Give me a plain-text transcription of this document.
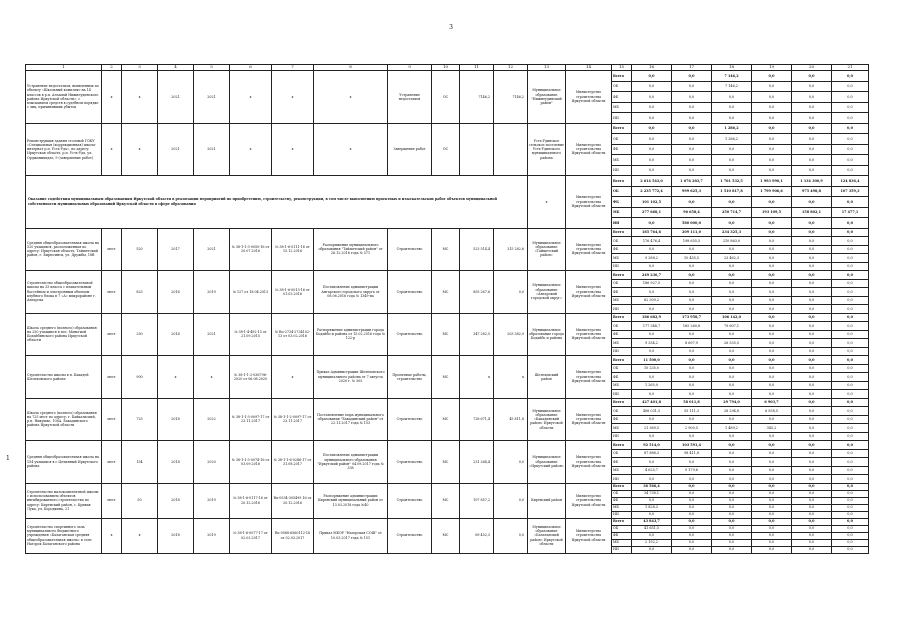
3
1
1	2	3	4	5	6	7	8	9	10	11	12	13	14	15	16	17	18	19	20	21
Устранение недостатков, выявленных по объекту «Школьный комплекс на 14 классов в р.п. Алзамай Нижнеудинского района Иркутской области», с взысканием средств в судебном порядке с лиц, причинивших убыток	х	х	2021	2021	х	х	х	Устранение недостатков	ОС	7146,2	7146,2	Муниципальное образование "Нижнеудинский район"	Министерство строительства Иркутской области	Всего	0,0	0,0	7 146,2	0,0	0,0	0,0
														ОБ	0,0	0,0	7 146,2	0,0	0,0	0,0
														ФБ	0,0	0,0	0,0	0,0	0,0	0,0
														МБ	0,0	0,0	0,0	0,0	0,0	0,0
														ИИ	0,0	0,0	0,0	0,0	0,0	0,0
Реконструкция здания столовой ГОКУ «Специальная (коррекционная) школа-интернат р.п. Усть-Уда», по адресу: Иркутская область, р.п. Усть-Уда, ул. Орджоникидзе, 9 (завершение работ)	х	х	2021	2021	х	х	х	Завершение работ	ОС			Усть-Удинское сельское поселение Усть-Удинского муниципального района	Министерство строительства Иркутской области	Всего	0,0	0,0	1 286,2	0,0	0,0	0,0
														ОБ	0,0	0,0	1 286,2	0,0	0,0	0,0
														ФБ	0,0	0,0	0,0	0,0	0,0	0,0
														МБ	0,0	0,0	0,0	0,0	0,0	0,0
														ИИ	0,0	0,0	0,0	0,0	0,0	0,0
Оказание содействия муниципальным образованиям Иркутской области в реализации мероприятий по приобретению, строительству, реконструкции, в том числе выполнению проектных и изыскательских работ объектов муниципальной собственности муниципальных образований Иркутской области в сфере образования												х	Министерство строительства Иркутской области	Всего	2 614 543,0	1 676 283,7	1 761 532,5	1 993 990,1	1 134 300,9	124 836,4
														ОБ	2 235 772,4	999 625,3	1 510 817,8	1 799 906,6	975 498,8	107 359,3
														ФБ	101 102,5	0,0	0,0	0,0	0,0	0,0
														МБ	277 668,1	96 658,4	250 714,7	193 109,5	158 802,1	17 477,1
														ИИ	0,0	580 000,0	0,0	0,0	0,0	0,0
Средняя общеобразовательная школа на 520 учащихся, расположенная по адресу: Иркутская область, Тайшетский район, г. Бирюсинск, ул. Дружбы, 18В	мест	520	2017	2021	№ 38-1-1-3-0050-16 от 20.07.2016	№ 38-1-6-0111-16 от 15.12.2016	Распоряжение муниципального образования "Тайшетский район" от 26.12.2016 года № 571	Строительство	МС	523 514,4	315 282,6	Муниципальное образование «Тайшетский район»	Министерство строительства Иркутской области	Всего	185 764,6	209 111,0	234 325,3	0,0	0,0	0,0
														ОБ	176 476,4	198 655,5	210 863,0	0,0	0,0	0,0
														ФБ	0,0	0,0	0,0	0,0	0,0	0,0
														МБ	9 288,2	10 455,5	23 462,3	0,0	0,0	0,0
														ИИ	0,0	0,0	0,0	0,0	0,0	0,0
Строительство общеобразовательной школы на 33 класса с плавательным бассейном и эластронным объемом клубного блока в 7 «А» микрорайоне г. Ангарска	мест	825	2016	2019	№ 127 от 18.04.2013	№ 38-1-6-0013-16 от 01.03.2016	Постановление администрации Ангарского городского округа от 08.06.2016 года № 1349-па	Строительство	МС	855 267,6	0,0	Муниципальное образование «Ангарский городской округ»	Министерство строительства Иркутской области	Всего	249 236,7	0,0	0,0	0,0	0,0	0,0
														ОБ	186 927,5	0,0	0,0	0,0	0,0	0,0
														ФБ	0,0	0,0	0,0	0,0	0,0	0,0
														МБ	62 309,2	0,0	0,0	0,0	0,0	0,0
														ИИ	0,0	0,0	0,0	0,0	0,0	0,0
Школа среднего (полного) образования на 250 учащихся в пос. Маньгиой Бодайбинского района Иркутской области	мест	250	2016	2021	№ 38-1-4-492-15 от 21.09.2015	№ Ru-2734-2734102-13 от 03.02.2016	Распоряжение администрации города Бодайбо и района от 15.02.2016 года № 122-р	Строительство	МС	347 282,5	203 382,9	Муниципальное образование города Бодайбо и района	Министерство строительства Иркутской области	Всего	186 682,9	173 958,7	106 142,0	0,0	0,0	0,0
														ОБ	177 348,7	165 260,8	79 607,1	0,0	0,0	0,0
														ФБ	0,0	0,0	0,0	0,0	0,0	0,0
														МБ	9 334,2	8 697,9	26 535,5	0,0	0,0	0,0
														ИИ	0,0	0,0	0,0	0,0	0,0	0,0
Строительство школы в п. Бакадей Шелеховского района	мест	900	х	х	№ 38-1-1-2-036796-2020 от 06.08.2020	х	Приказ Администрации Шелеховского муниципального района от 7 августа 2020 г. № 305	Проектные работы, строительство	МС	х	х	Шелеховский район	Министерство строительства Иркутской области	Всего	11 500,0	0,0	0,0	0,0	0,0	0,0
														ОБ	10 235,0	0,0	0,0	0,0	0,0	0,0
														ФБ	0,0	0,0	0,0	0,0	0,0	0,0
														МБ	1 265,0	0,0	0,0	0,0	0,0	0,0
														ИИ	0,0	0,0	0,0	0,0	0,0	0,0
Школа среднего (полного) образования на 725 мест по адресу: г. Байкальский, р.п. Никушье, 108А, Бакадинского района Иркутской области	мест	725	2018	2022	№ 38-1-1-3-0097-17 от 23.11.2017	№ 38-1-1-2-0097-17 от 23.11.2017	Постановление мэра муниципального образования "Бакадинский район" от 22.11.2017 года № 153	Строительство	МС	728 671,4	45 811,8	Муниципальное образование «Бакадинский район» Иркутской области	Министерство строительства Иркутской области	Всего	427 401,8	58 011,8	29 794,0	6 903,7	0,0	0,0
														ОБ	406 031,5	55 111,3	28 294,8	6 558,5	0,0	0,0
														ФБ	0,0	0,0	0,0	0,0	0,0	0,0
														МБ	21 369,5	2 900,5	1 489,2	345,2	0,0	0,0
														ИИ	0,0	0,0	0,0	0,0	0,0	0,0
Средняя общеобразовательная школа на 154 учащихся в с.Целинный Иркутского района	мест	154	2018	2020	№ 38-1-1-3-0074-16 от 03.09.2016	№ 38-1-1-6-0286-17 от 31.08.2017	Постановление администрации муниципального образования "Иркутский район" 04.09.2017 года № 338	Строительство	МС	231 264,4	0,0	Муниципальное образование «Иркутский район»	Министерство строительства Иркутской области	Всего	92 514,0	103 591,4	0,0	0,0	0,0	0,0
														ОБ	87 888,3	98 411,8	0,0	0,0	0,0	0,0
														ФБ	0,0	0,0	0,0	0,0	0,0	0,0
														МБ	4 625,7	5 179,6	0,0	0,0	0,0	0,0
														ИИ	0,0	0,0	0,0	0,0	0,0	0,0
Строительство малокомплектной школы с использованием объектов ингибированного строительства по адресу: Киренский район, с. Кривая Лука, ул. Бородкина, 21	мест	50	2018	2019	№ 38-1-6-0117-16 от 20.12.2016	Ru-0534-305499 16 от 20.12.2016	Распоряжение администрации Киренский муниципальный район от 13.03.2018 года №40	Строительство	МС	107 857,2	0,0	Киренский район	Министерство строительства Иркутской области	Всего	36 566,4	0,0	0,0	0,0	0,0	0,0
														ОБ	34 738,1	0,0	0,0	0,0	0,0	0,0
														ФБ	0,0	0,0	0,0	0,0	0,0	0,0
														МБ	1 828,3	0,0	0,0	0,0	0,0	0,0
														ИИ	0,0	0,0	0,0	0,0	0,0	0,0
Строительство спортивного зала муниципального бюджетного учреждения «Балаганская средняя общеобразовательная школа» в селе Нагорск Балаганского района	х	х	2018	2019	№ 38-1-6-0077-17 от 02.03.2017	Ru-0568-6560112-16 от 02.03.2017	Приказ МБОУ "Нагорская СОШ" от 10.03.2017 года № 151	Строительство	МС	69 452,3	0,0	Муниципальное образование «Балаганский район» Иркутской области	Министерство строительства Иркутской области	Всего	43 843,7	0,0	0,0	0,0	0,0	0,0
														ОБ	41 651,5	0,0	0,0	0,0	0,0	0,0
														ФБ	0,0	0,0	0,0	0,0	0,0	0,0
														МБ	2 192,2	0,0	0,0	0,0	0,0	0,0
														ИИ	0,0	0,0	0,0	0,0	0,0	0,0
